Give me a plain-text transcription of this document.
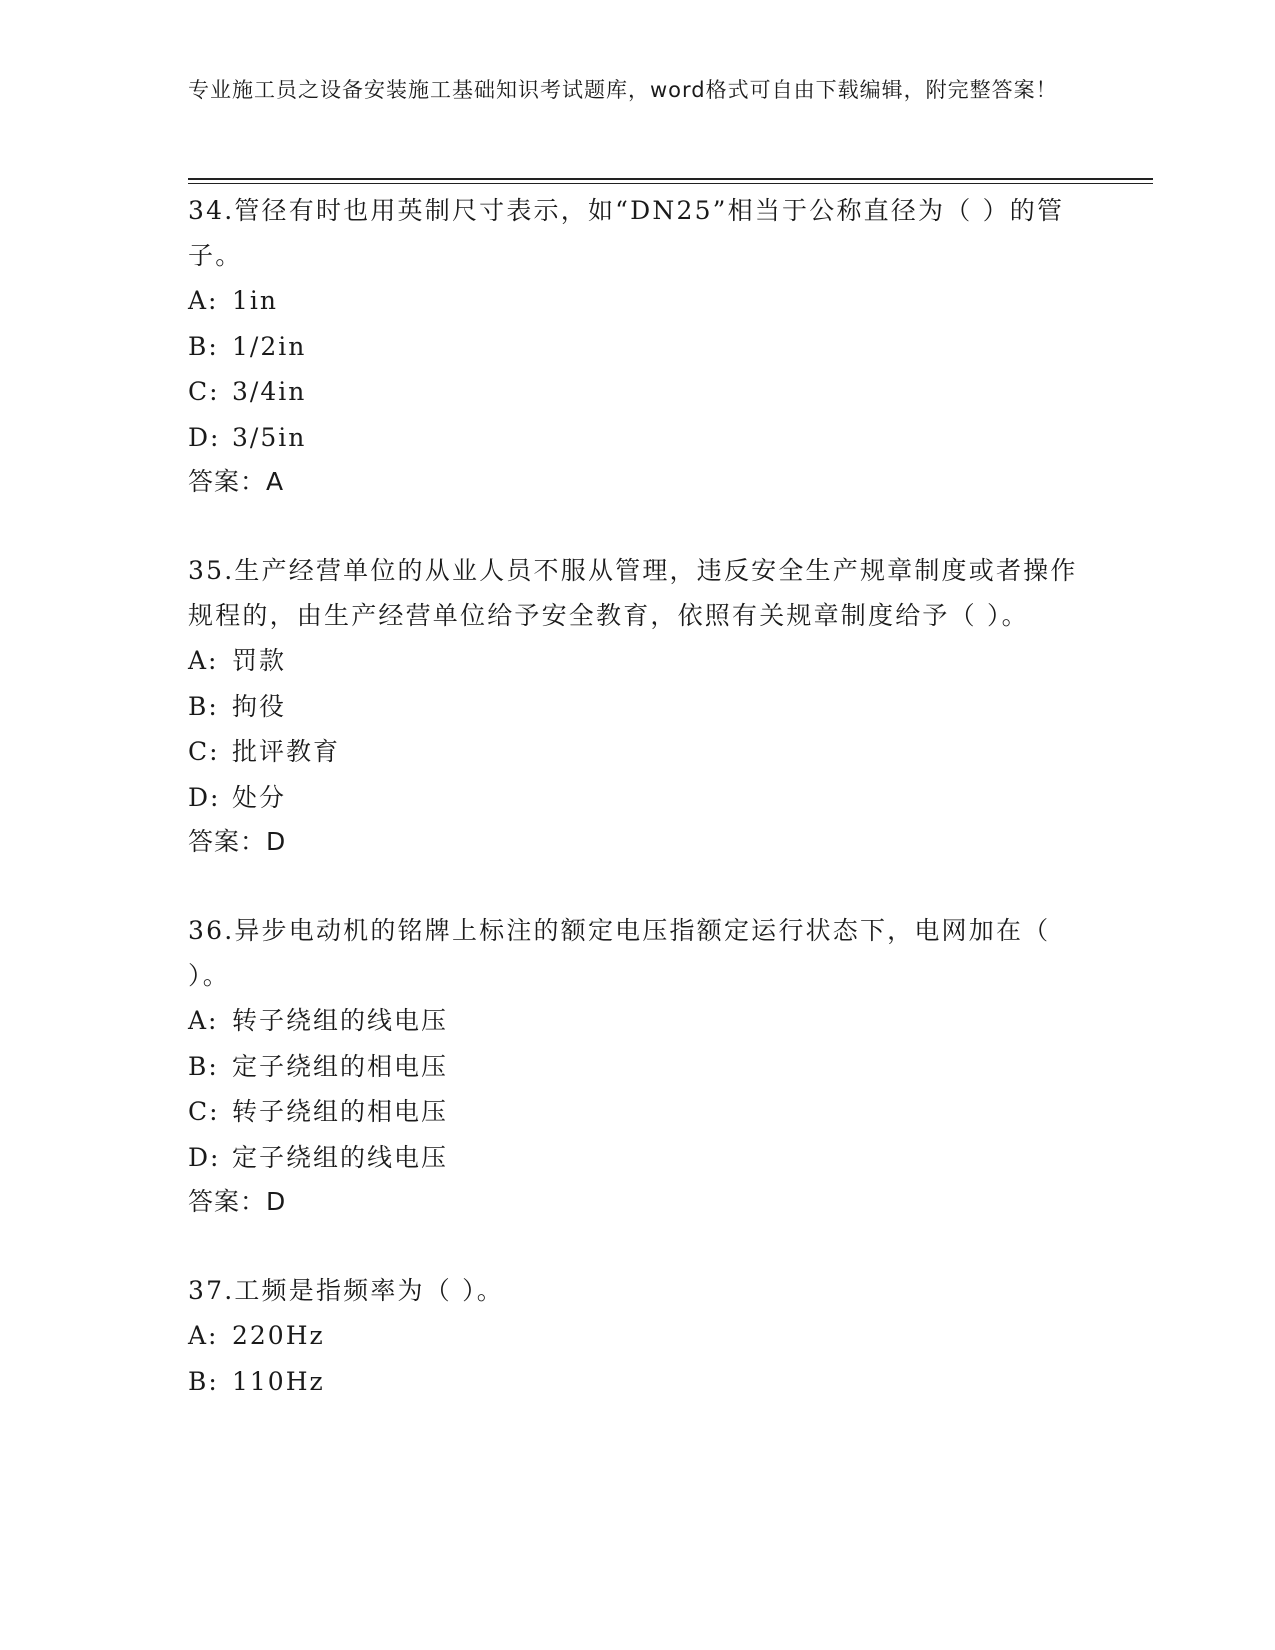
专业施工员之设备安装施工基础知识考试题库，word格式可自由下载编辑，附完整答案！
34.管径有时也用英制尺寸表示，如“DN25”相当于公称直径为（ ）的管子。
A: 1in
B: 1/2in
C: 3/4in
D: 3/5in
答案：A
35.生产经营单位的从业人员不服从管理，违反安全生产规章制度或者操作规程的，由生产经营单位给予安全教育，依照有关规章制度给予（ ）。
A: 罚款
B: 拘役
C: 批评教育
D: 处分
答案：D
36.异步电动机的铭牌上标注的额定电压指额定运行状态下，电网加在（ ）。
A: 转子绕组的线电压
B: 定子绕组的相电压
C: 转子绕组的相电压
D: 定子绕组的线电压
答案：D
37.工频是指频率为（ ）。
A: 220Hz
B: 110Hz
